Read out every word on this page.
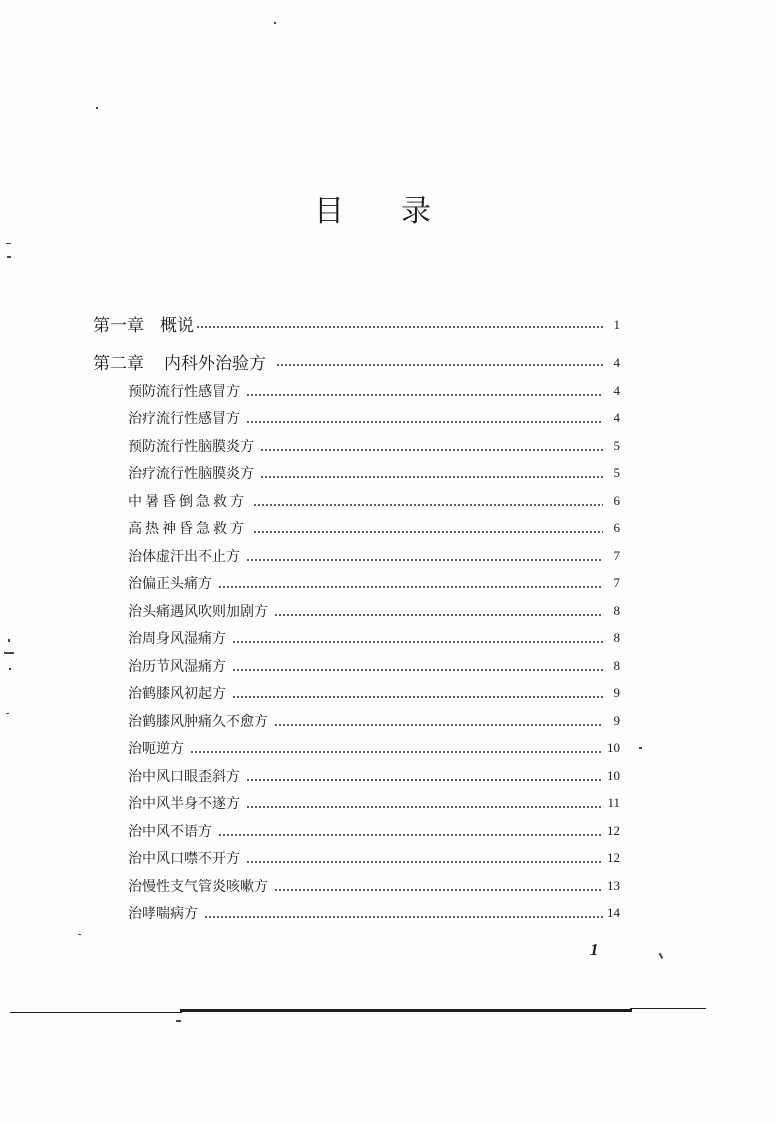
目 录
第一章 概说	1
第二章 内科外治验方	4
预防流行性感冒方	4
治疗流行性感冒方	4
预防流行性脑膜炎方	5
治疗流行性脑膜炎方	5
中暑昏倒急救方	6
高热神昏急救方	6
治体虚汗出不止方	7
治偏正头痛方	7
治头痛遇风吹则加剧方	8
治周身风湿痛方	8
治历节风湿痛方	8
治鹤膝风初起方	9
治鹤膝风肿痛久不愈方	9
治呃逆方	10
治中风口眼歪斜方	10
治中风半身不遂方	11
治中风不语方	12
治中风口噤不开方	12
治慢性支气管炎咳嗽方	13
治哮喘病方	14
1
